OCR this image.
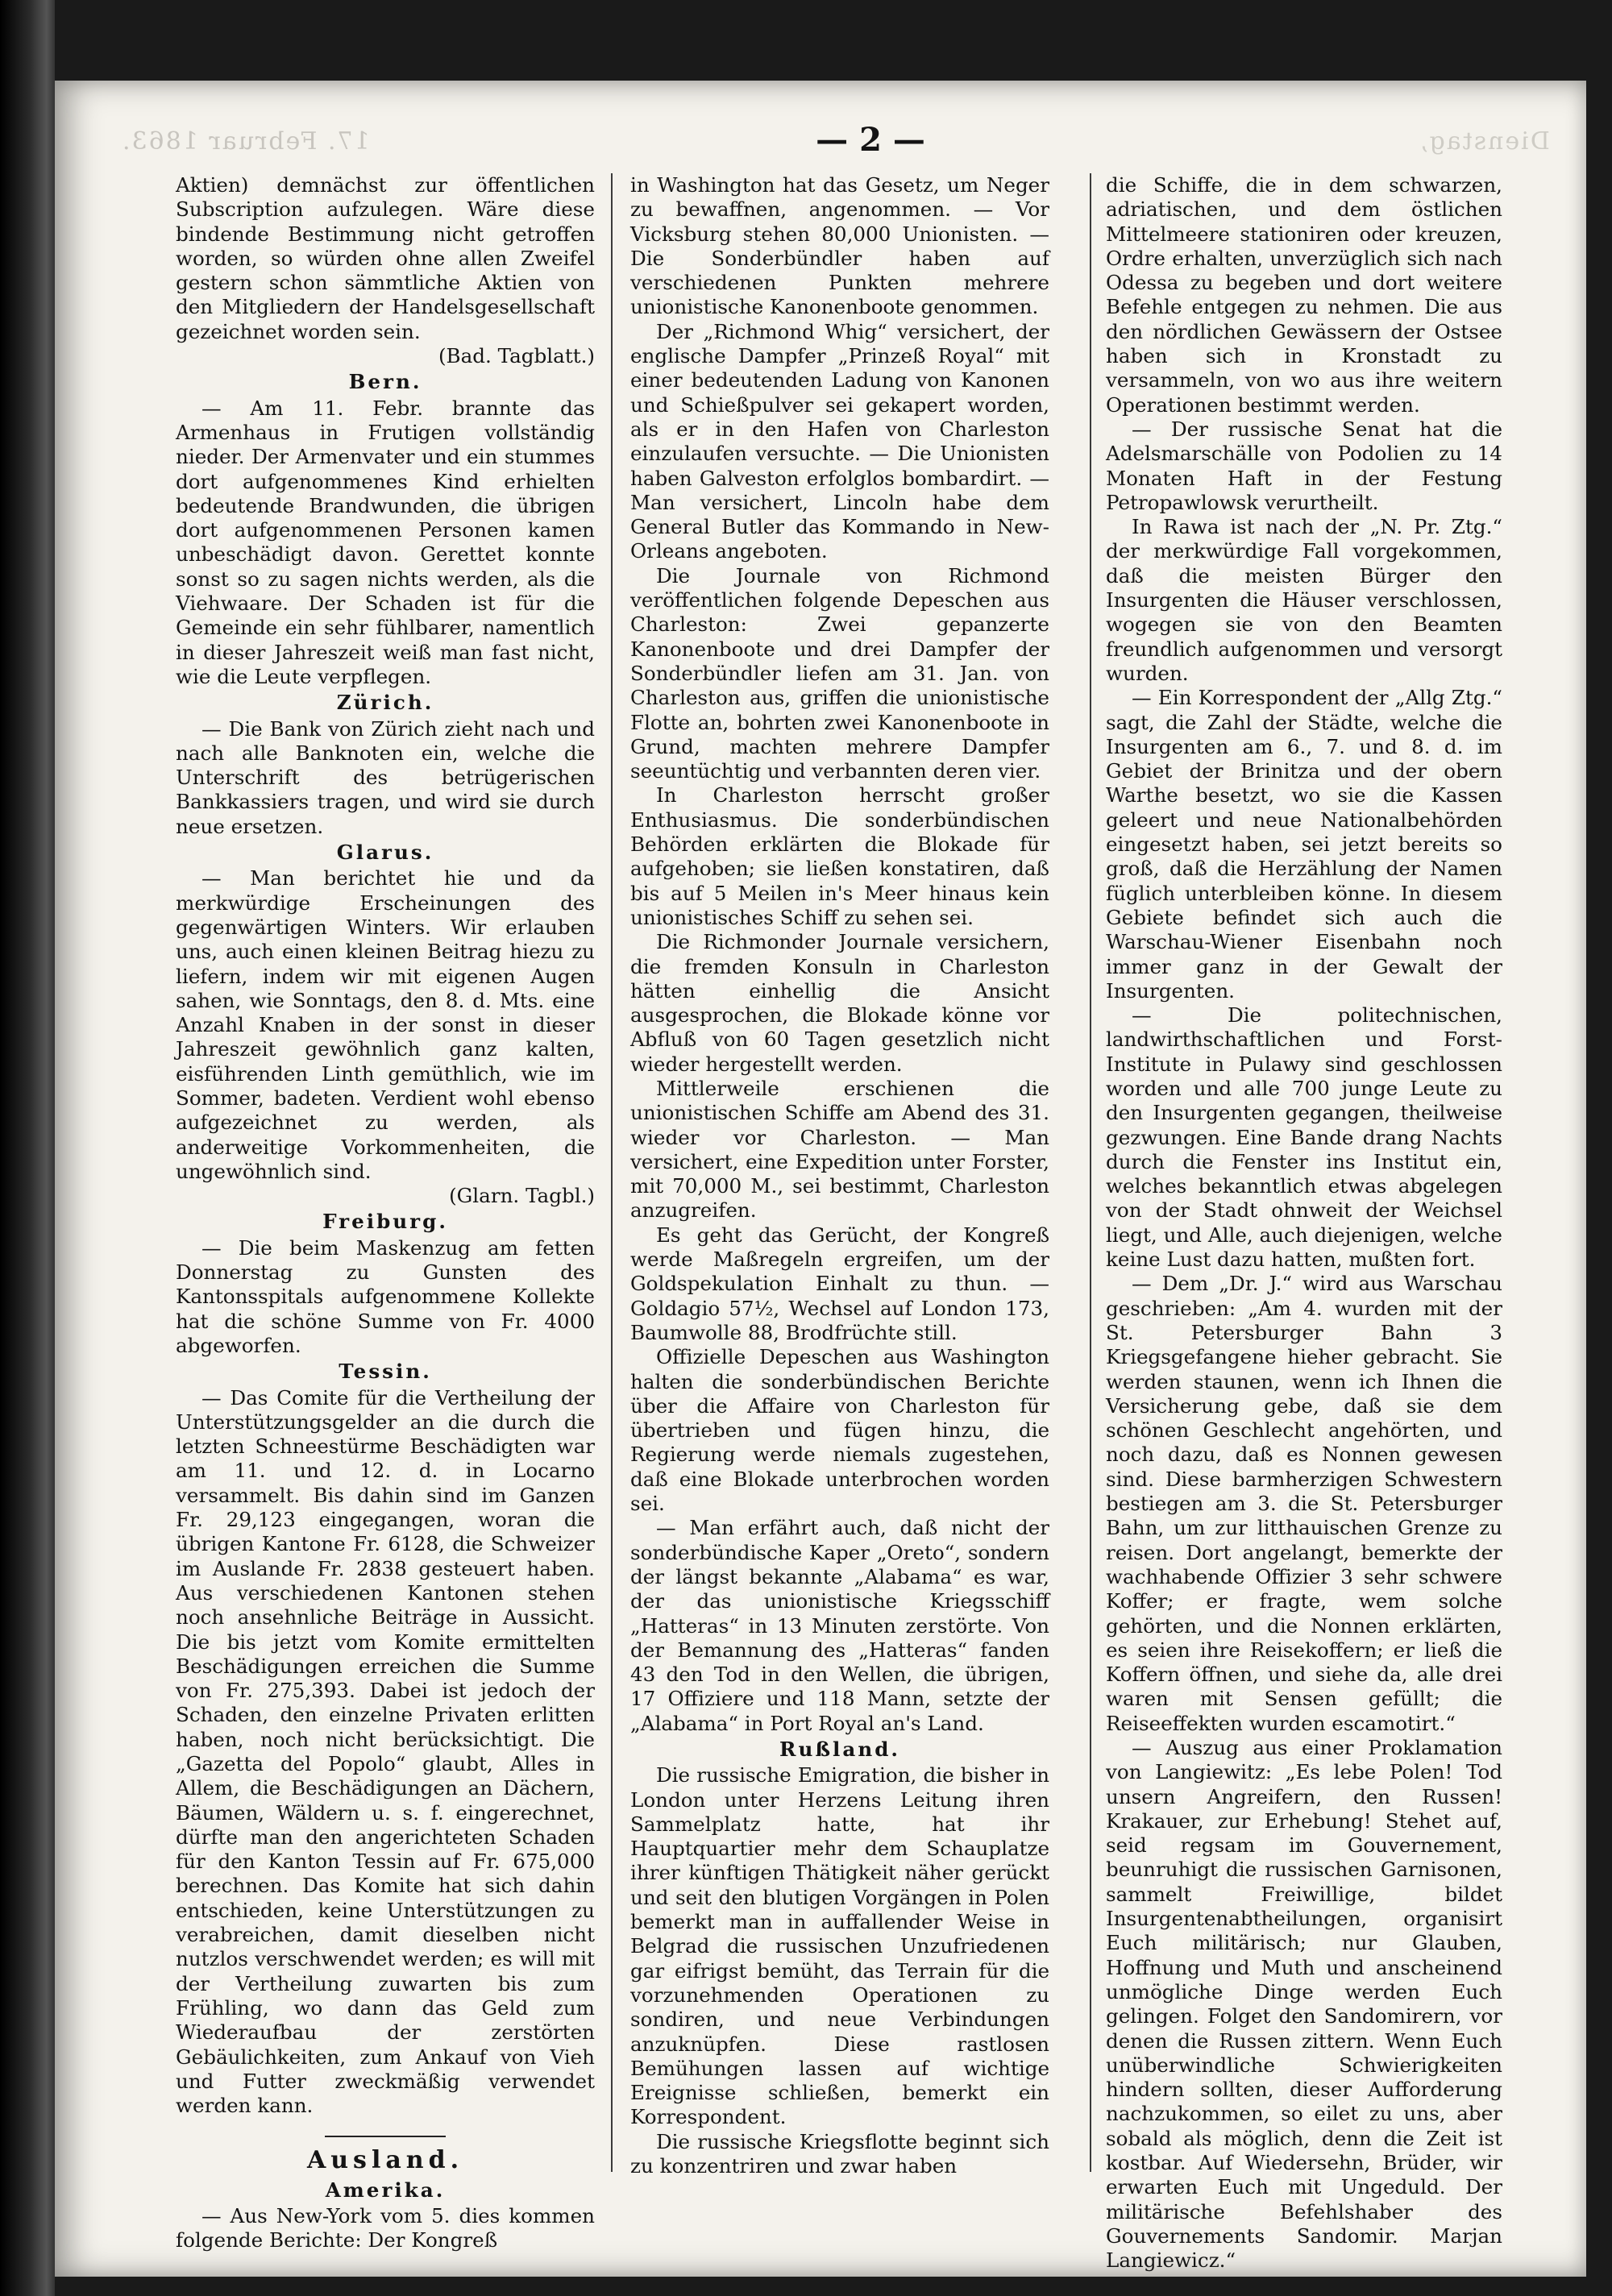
17. Februar 1863.	Dienstag,
— 2 —

Aktien) demnächst zur öffentlichen Subscription aufzulegen. Wäre diese bindende Bestimmung nicht getroffen worden, so würden ohne allen Zweifel gestern schon sämmtliche Aktien von den Mitgliedern der Handelsgesellschaft gezeichnet worden sein.

(Bad. Tagblatt.)
Bern.

— Am 11. Febr. brannte das Armenhaus in Frutigen vollständig nieder. Der Armenvater und ein stummes dort aufgenommenes Kind erhielten bedeutende Brandwunden, die übrigen dort aufgenommenen Personen kamen unbeschädigt davon. Gerettet konnte sonst so zu sagen nichts werden, als die Viehwaare. Der Schaden ist für die Gemeinde ein sehr fühlbarer, namentlich in dieser Jahreszeit weiß man fast nicht, wie die Leute verpflegen.

Zürich.

— Die Bank von Zürich zieht nach und nach alle Banknoten ein, welche die Unterschrift des betrügerischen Bankkassiers tragen, und wird sie durch neue ersetzen.

Glarus.

— Man berichtet hie und da merkwürdige Erscheinungen des gegenwärtigen Winters. Wir erlauben uns, auch einen kleinen Beitrag hiezu zu liefern, indem wir mit eigenen Augen sahen, wie Sonntags, den 8. d. Mts. eine Anzahl Knaben in der sonst in dieser Jahreszeit gewöhnlich ganz kalten, eisführenden Linth gemüthlich, wie im Sommer, badeten. Verdient wohl ebenso aufgezeichnet zu werden, als anderweitige Vorkommenheiten, die ungewöhnlich sind.

(Glarn. Tagbl.)
Freiburg.

— Die beim Maskenzug am fetten Donnerstag zu Gunsten des Kantonsspitals aufgenommene Kollekte hat die schöne Summe von Fr. 4000 abgeworfen.

Tessin.

— Das Comite für die Vertheilung der Unterstützungsgelder an die durch die letzten Schneestürme Beschädigten war am 11. und 12. d. in Locarno versammelt. Bis dahin sind im Ganzen Fr. 29,123 eingegangen, woran die übrigen Kantone Fr. 6128, die Schweizer im Auslande Fr. 2838 gesteuert haben. Aus verschiedenen Kantonen stehen noch ansehnliche Beiträge in Aussicht. Die bis jetzt vom Komite ermittelten Beschädigungen erreichen die Summe von Fr. 275,393. Dabei ist jedoch der Schaden, den einzelne Privaten erlitten haben, noch nicht berücksichtigt. Die „Gazetta del Popolo“ glaubt, Alles in Allem, die Beschädigungen an Dächern, Bäumen, Wäldern u. s. f. eingerechnet, dürfte man den angerichteten Schaden für den Kanton Tessin auf Fr. 675,000 berechnen. Das Komite hat sich dahin entschieden, keine Unterstützungen zu verabreichen, damit dieselben nicht nutzlos verschwendet werden; es will mit der Vertheilung zuwarten bis zum Frühling, wo dann das Geld zum Wiederaufbau der zerstörten Gebäulichkeiten, zum Ankauf von Vieh und Futter zweckmäßig verwendet werden kann.

Ausland.
Amerika.

— Aus New-York vom 5. dies kommen folgende Berichte: Der Kongreß

in Washington hat das Gesetz, um Neger zu bewaffnen, angenommen. — Vor Vicksburg stehen 80,000 Unionisten. — Die Sonderbündler haben auf verschiedenen Punkten mehrere unionistische Kanonenboote genommen.

Der „Richmond Whig“ versichert, der englische Dampfer „Prinzeß Royal“ mit einer bedeutenden Ladung von Kanonen und Schießpulver sei gekapert worden, als er in den Hafen von Charleston einzulaufen versuchte. — Die Unionisten haben Galveston erfolglos bombardirt. — Man versichert, Lincoln habe dem General Butler das Kommando in New-Orleans angeboten.

Die Journale von Richmond veröffentlichen folgende Depeschen aus Charleston: Zwei gepanzerte Kanonenboote und drei Dampfer der Sonderbündler liefen am 31. Jan. von Charleston aus, griffen die unionistische Flotte an, bohrten zwei Kanonenboote in Grund, machten mehrere Dampfer seeuntüchtig und verbannten deren vier.

In Charleston herrscht großer Enthusiasmus. Die sonderbündischen Behörden erklärten die Blokade für aufgehoben; sie ließen konstatiren, daß bis auf 5 Meilen in's Meer hinaus kein unionistisches Schiff zu sehen sei.

Die Richmonder Journale versichern, die fremden Konsuln in Charleston hätten einhellig die Ansicht ausgesprochen, die Blokade könne vor Abfluß von 60 Tagen gesetzlich nicht wieder hergestellt werden.

Mittlerweile erschienen die unionistischen Schiffe am Abend des 31. wieder vor Charleston. — Man versichert, eine Expedition unter Forster, mit 70,000 M., sei bestimmt, Charleston anzugreifen.

Es geht das Gerücht, der Kongreß werde Maßregeln ergreifen, um der Goldspekulation Einhalt zu thun. — Goldagio 57½, Wechsel auf London 173, Baumwolle 88, Brodfrüchte still.

Offizielle Depeschen aus Washington halten die sonderbündischen Berichte über die Affaire von Charleston für übertrieben und fügen hinzu, die Regierung werde niemals zugestehen, daß eine Blokade unterbrochen worden sei.

— Man erfährt auch, daß nicht der sonderbündische Kaper „Oreto“, sondern der längst bekannte „Alabama“ es war, der das unionistische Kriegsschiff „Hatteras“ in 13 Minuten zerstörte. Von der Bemannung des „Hatteras“ fanden 43 den Tod in den Wellen, die übrigen, 17 Offiziere und 118 Mann, setzte der „Alabama“ in Port Royal an's Land.

Rußland.

Die russische Emigration, die bisher in London unter Herzens Leitung ihren Sammelplatz hatte, hat ihr Hauptquartier mehr dem Schauplatze ihrer künftigen Thätigkeit näher gerückt und seit den blutigen Vorgängen in Polen bemerkt man in auffallender Weise in Belgrad die russischen Unzufriedenen gar eifrigst bemüht, das Terrain für die vorzunehmenden Operationen zu sondiren, und neue Verbindungen anzuknüpfen. Diese rastlosen Bemühungen lassen auf wichtige Ereignisse schließen, bemerkt ein Korrespondent.

Die russische Kriegsflotte beginnt sich zu konzentriren und zwar haben

die Schiffe, die in dem schwarzen, adriatischen, und dem östlichen Mittelmeere stationiren oder kreuzen, Ordre erhalten, unverzüglich sich nach Odessa zu begeben und dort weitere Befehle entgegen zu nehmen. Die aus den nördlichen Gewässern der Ostsee haben sich in Kronstadt zu versammeln, von wo aus ihre weitern Operationen bestimmt werden.

— Der russische Senat hat die Adelsmarschälle von Podolien zu 14 Monaten Haft in der Festung Petropawlowsk verurtheilt.

In Rawa ist nach der „N. Pr. Ztg.“ der merkwürdige Fall vorgekommen, daß die meisten Bürger den Insurgenten die Häuser verschlossen, wogegen sie von den Beamten freundlich aufgenommen und versorgt wurden.

— Ein Korrespondent der „Allg Ztg.“ sagt, die Zahl der Städte, welche die Insurgenten am 6., 7. und 8. d. im Gebiet der Brinitza und der obern Warthe besetzt, wo sie die Kassen geleert und neue Nationalbehörden eingesetzt haben, sei jetzt bereits so groß, daß die Herzählung der Namen füglich unterbleiben könne. In diesem Gebiete befindet sich auch die Warschau-Wiener Eisenbahn noch immer ganz in der Gewalt der Insurgenten.

— Die politechnischen, landwirthschaftlichen und Forst-Institute in Pulawy sind geschlossen worden und alle 700 junge Leute zu den Insurgenten gegangen, theilweise gezwungen. Eine Bande drang Nachts durch die Fenster ins Institut ein, welches bekanntlich etwas abgelegen von der Stadt ohnweit der Weichsel liegt, und Alle, auch diejenigen, welche keine Lust dazu hatten, mußten fort.

— Dem „Dr. J.“ wird aus Warschau geschrieben: „Am 4. wurden mit der St. Petersburger Bahn 3 Kriegsgefangene hieher gebracht. Sie werden staunen, wenn ich Ihnen die Versicherung gebe, daß sie dem schönen Geschlecht angehörten, und noch dazu, daß es Nonnen gewesen sind. Diese barmherzigen Schwestern bestiegen am 3. die St. Petersburger Bahn, um zur litthauischen Grenze zu reisen. Dort angelangt, bemerkte der wachhabende Offizier 3 sehr schwere Koffer; er fragte, wem solche gehörten, und die Nonnen erklärten, es seien ihre Reisekoffern; er ließ die Koffern öffnen, und siehe da, alle drei waren mit Sensen gefüllt; die Reiseeffekten wurden escamotirt.“

— Auszug aus einer Proklamation von Langiewitz: „Es lebe Polen! Tod unsern Angreifern, den Russen! Krakauer, zur Erhebung! Stehet auf, seid regsam im Gouvernement, beunruhigt die russischen Garnisonen, sammelt Freiwillige, bildet Insurgentenabtheilungen, organisirt Euch militärisch; nur Glauben, Hoffnung und Muth und anscheinend unmögliche Dinge werden Euch gelingen. Folget den Sandomirern, vor denen die Russen zittern. Wenn Euch unüberwindliche Schwierigkeiten hindern sollten, dieser Aufforderung nachzukommen, so eilet zu uns, aber sobald als möglich, denn die Zeit ist kostbar. Auf Wiedersehn, Brüder, wir erwarten Euch mit Ungeduld. Der militärische Befehlshaber des Gouvernements Sandomir. Marjan Langiewicz.“
